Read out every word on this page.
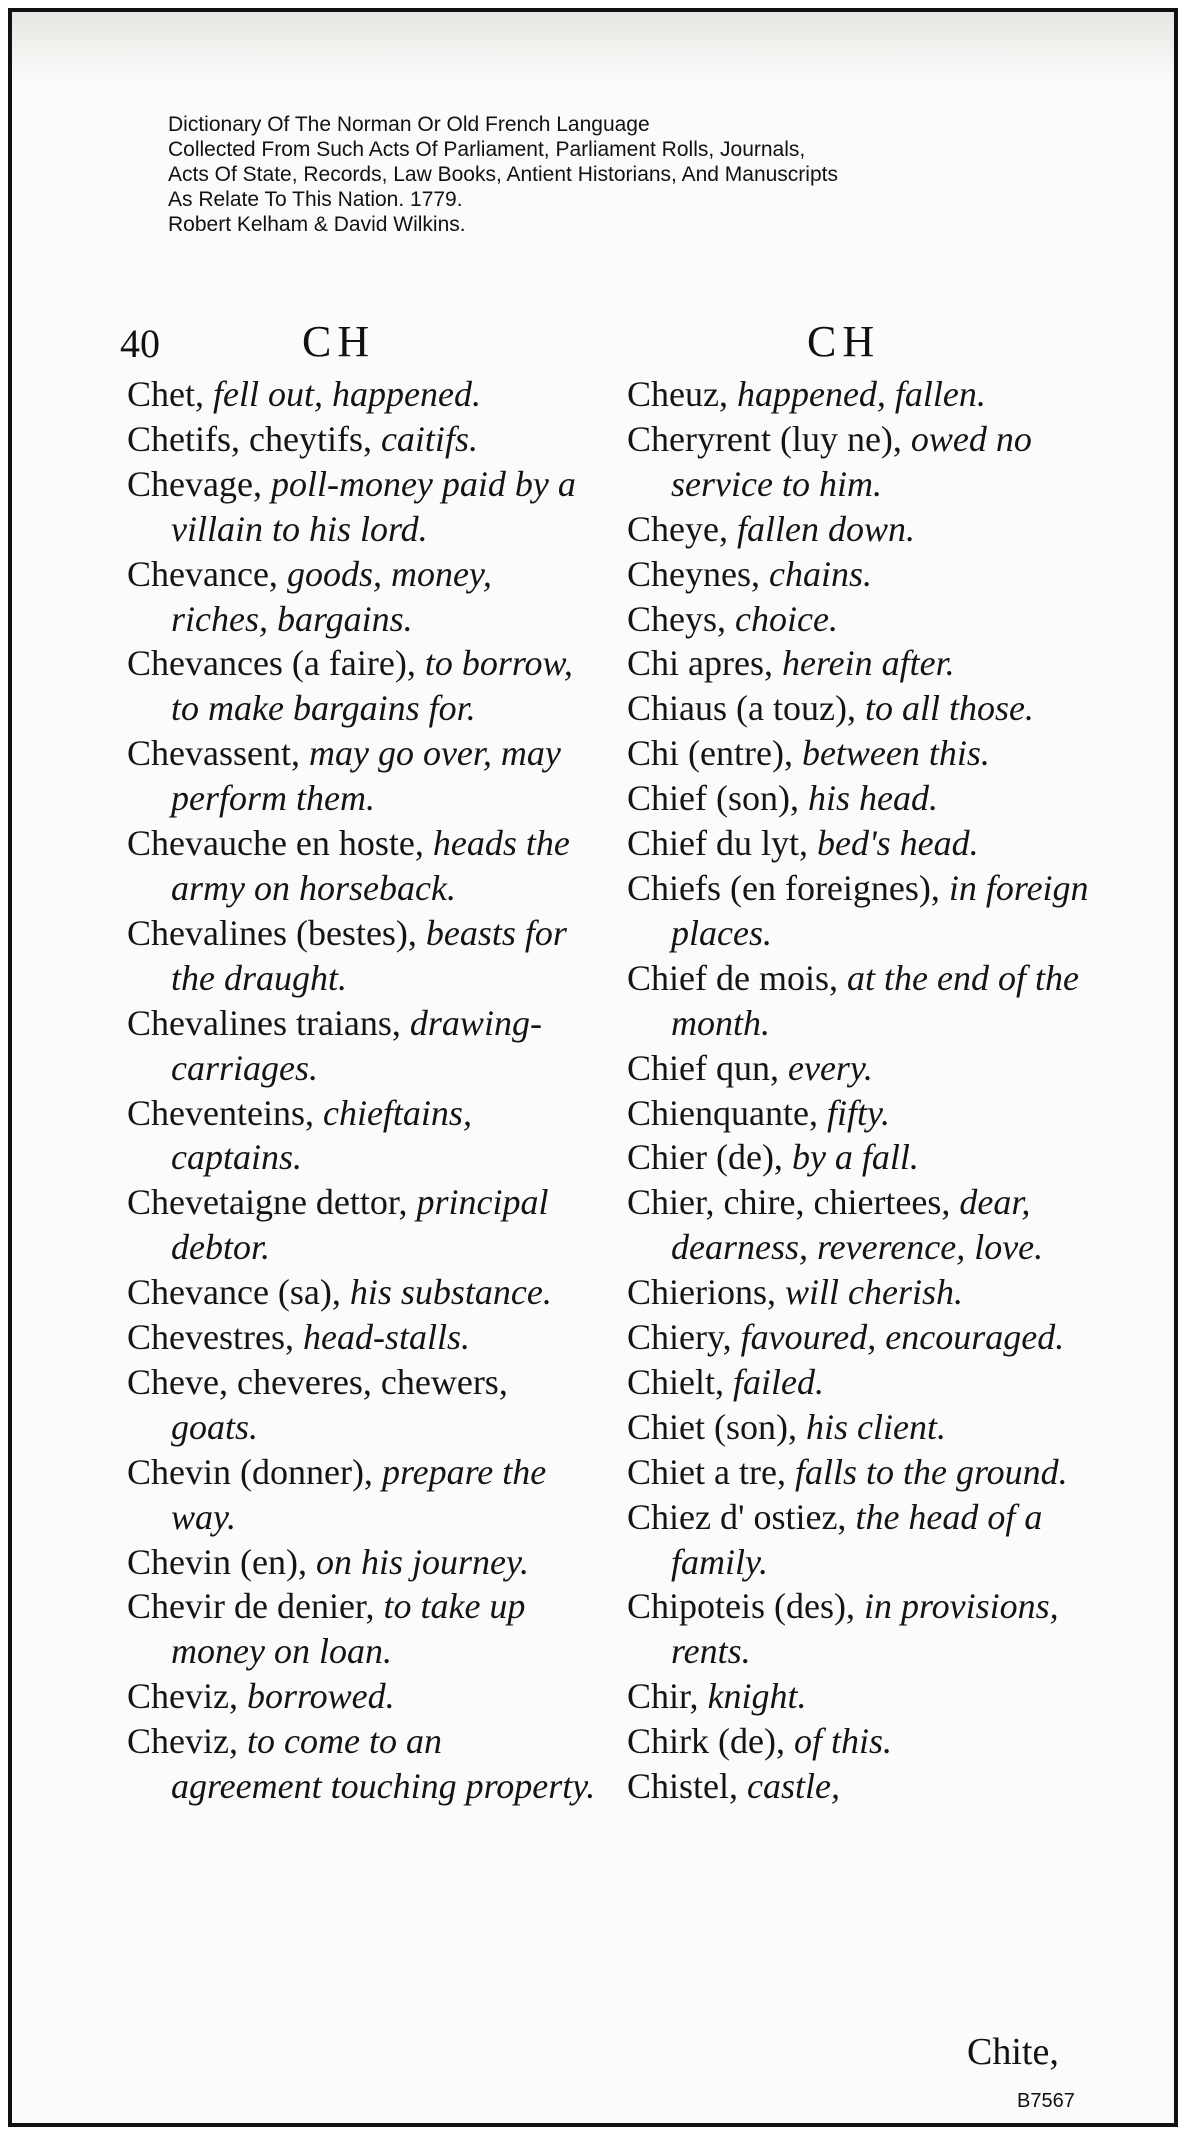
Dictionary Of The Norman Or Old French Language
Collected From Such Acts Of Parliament, Parliament Rolls, Journals,
Acts Of State, Records, Law Books, Antient Historians, And Manuscripts
As Relate To This Nation. 1779.
Robert Kelham & David Wilkins.
40	CH	CH
Chet, fell out, happened.
Chetifs, cheytifs, caitifs.
Chevage, poll-money paid by a villain to his lord.
Chevance, goods, money, riches, bargains.
Chevances (a faire), to borrow, to make bargains for.
Chevassent, may go over, may perform them.
Chevauche en hoste, heads the army on horseback.
Chevalines (bestes), beasts for the draught.
Chevalines traians, drawing-carriages.
Cheventeins, chieftains, captains.
Chevetaigne dettor, principal debtor.
Chevance (sa), his substance.
Chevestres, head-stalls.
Cheve, cheveres, chewers, goats.
Chevin (donner), prepare the way.
Chevin (en), on his journey.
Chevir de denier, to take up money on loan.
Cheviz, borrowed.
Cheviz, to come to an agreement touching property.
Cheuz, happened, fallen.
Cheryrent (luy ne), owed no service to him.
Cheye, fallen down.
Cheynes, chains.
Cheys, choice.
Chi apres, herein after.
Chiaus (a touz), to all those.
Chi (entre), between this.
Chief (son), his head.
Chief du lyt, bed's head.
Chiefs (en foreignes), in foreign places.
Chief de mois, at the end of the month.
Chief qun, every.
Chienquante, fifty.
Chier (de), by a fall.
Chier, chire, chiertees, dear, dearness, reverence, love.
Chierions, will cherish.
Chiery, favoured, encouraged.
Chielt, failed.
Chiet (son), his client.
Chiet a tre, falls to the ground.
Chiez d' ostiez, the head of a family.
Chipoteis (des), in provisions, rents.
Chir, knight.
Chirk (de), of this.
Chistel, castle,
Chite,
B7567
